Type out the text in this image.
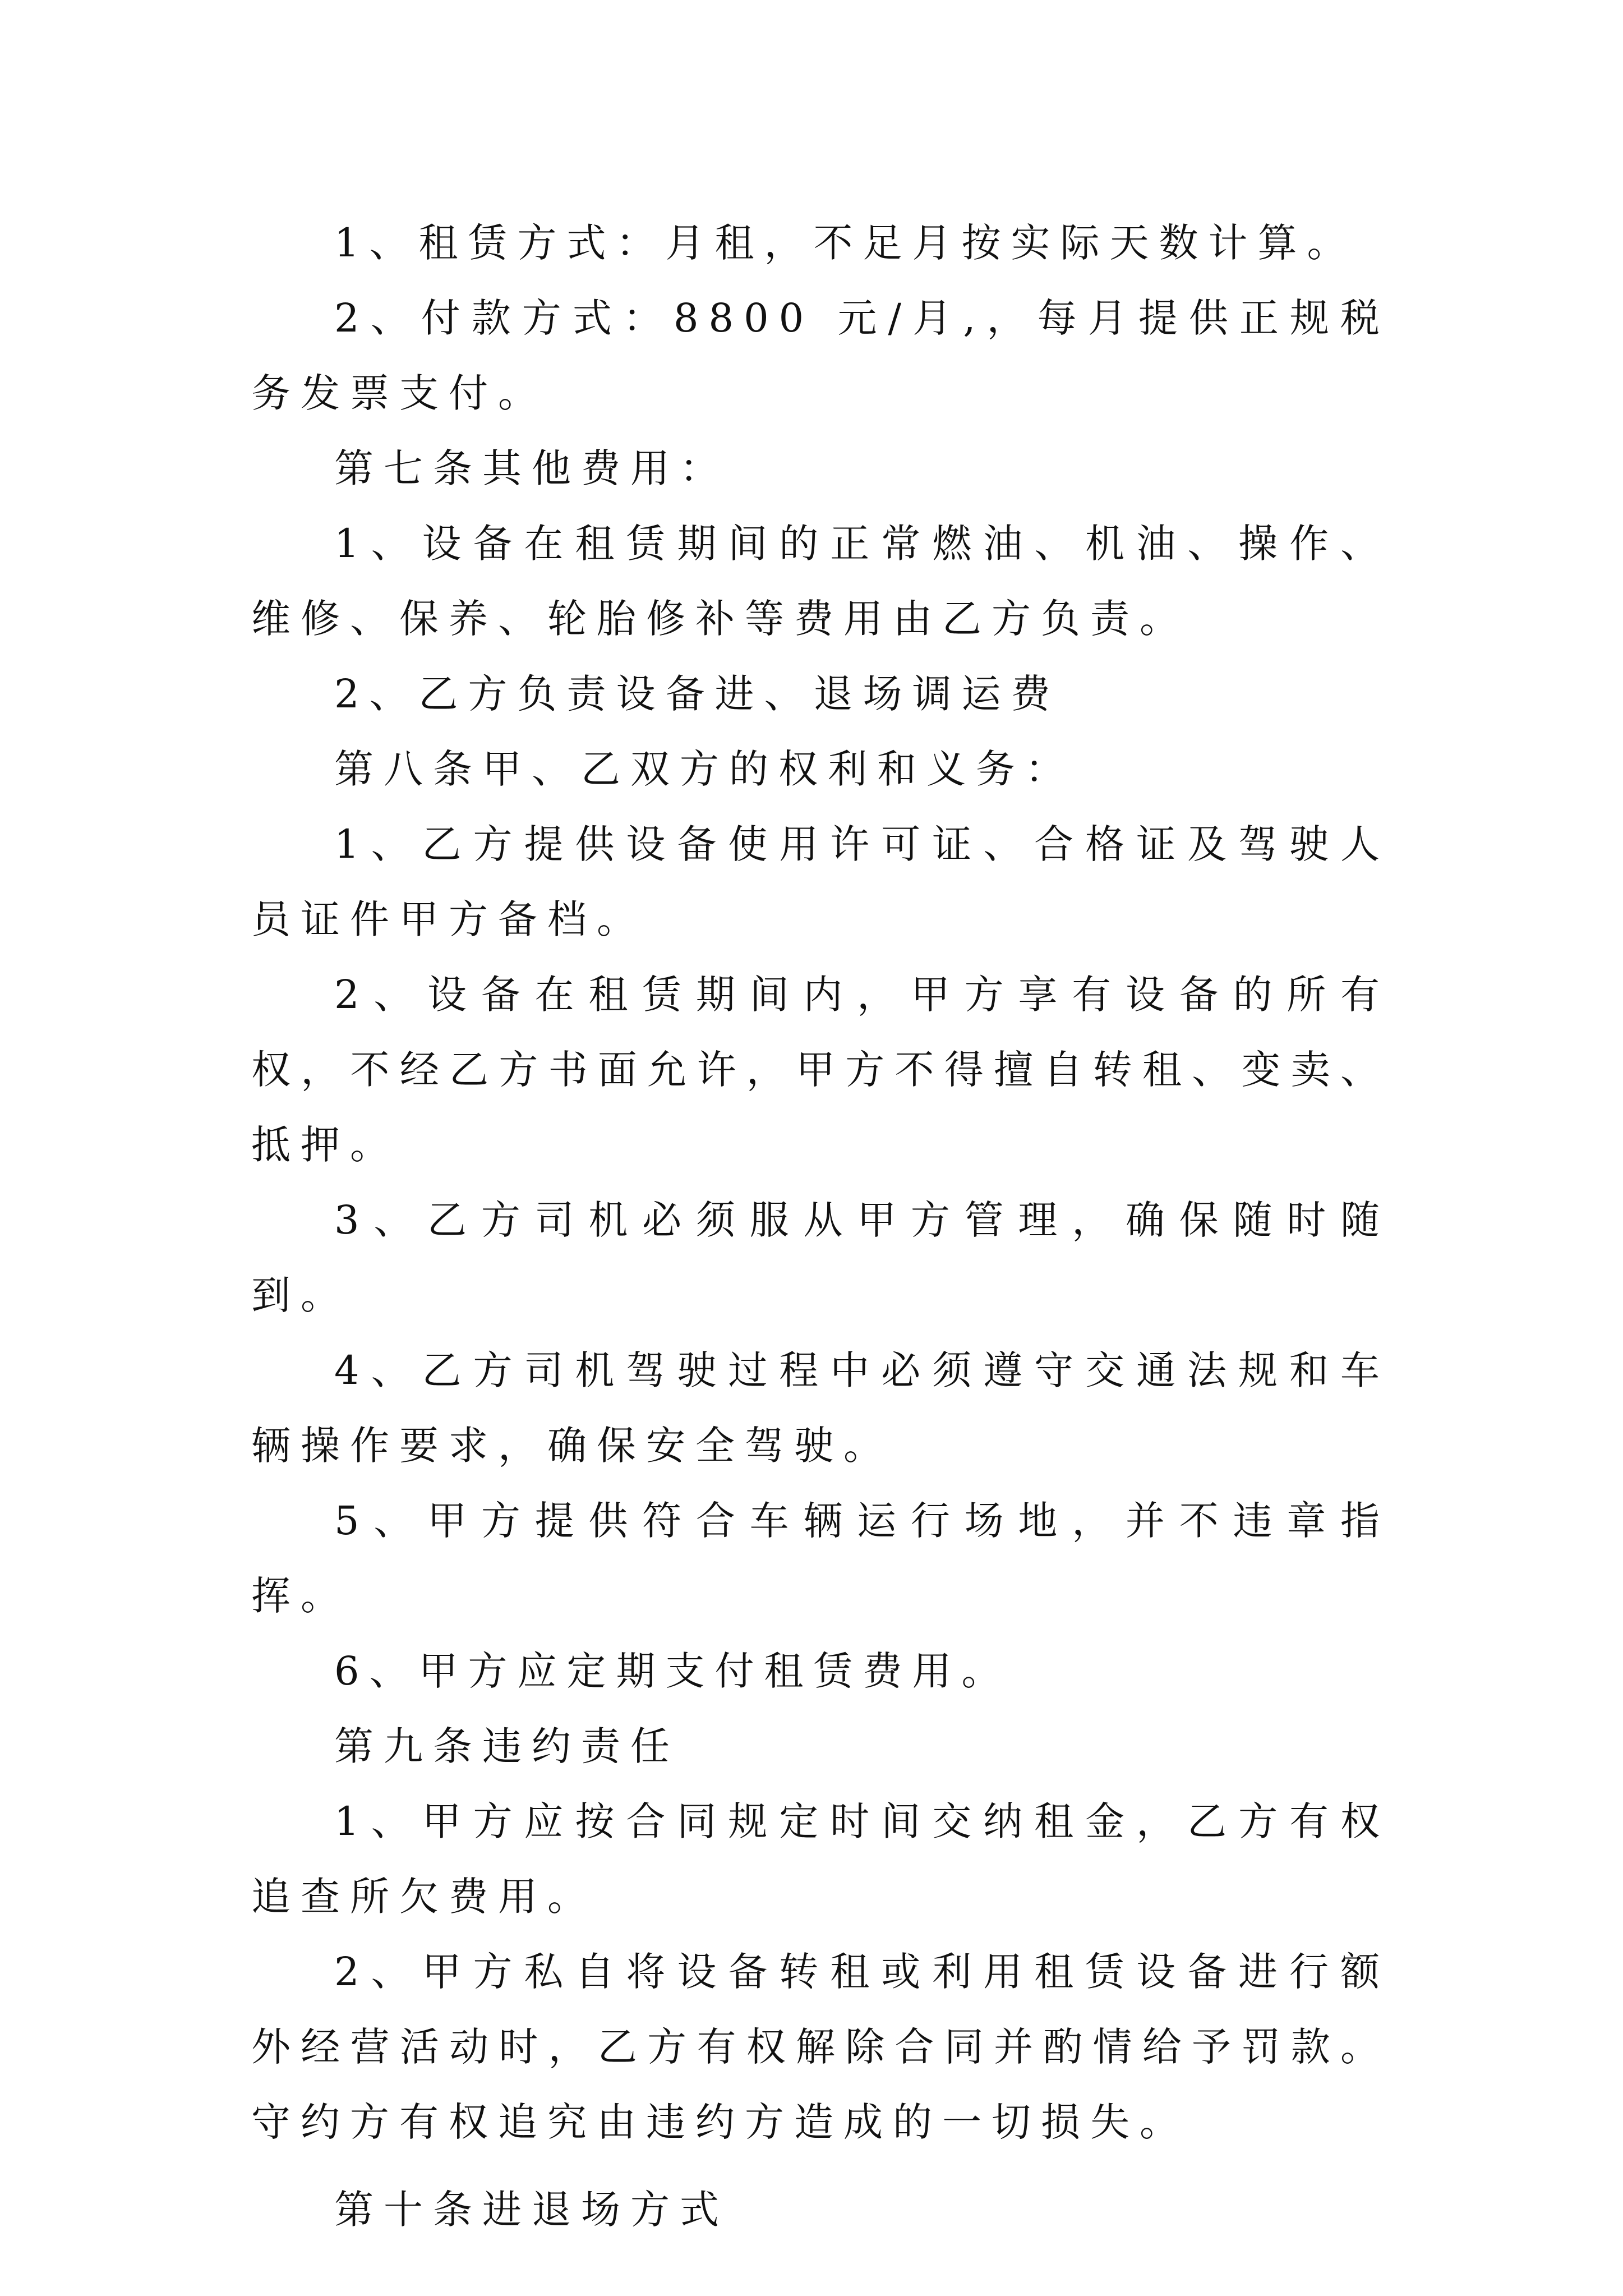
1、租赁方式：月租，不足月按实际天数计算。

2、付款方式：8800 元/月,，每月提供正规税务发票支付。

第七条其他费用：

1、设备在租赁期间的正常燃油、机油、操作、维修、保养、轮胎修补等费用由乙方负责。

2、乙方负责设备进、退场调运费

第八条甲、乙双方的权利和义务：

1、乙方提供设备使用许可证、合格证及驾驶人员证件甲方备档。

2、设备在租赁期间内，甲方享有设备的所有权，不经乙方书面允许，甲方不得擅自转租、变卖、抵押。

3、乙方司机必须服从甲方管理，确保随时随到。

4、乙方司机驾驶过程中必须遵守交通法规和车辆操作要求，确保安全驾驶。

5、甲方提供符合车辆运行场地，并不违章指挥。

6、甲方应定期支付租赁费用。

第九条违约责任

1、甲方应按合同规定时间交纳租金，乙方有权追查所欠费用。

2、甲方私自将设备转租或利用租赁设备进行额外经营活动时，乙方有权解除合同并酌情给予罚款。守约方有权追究由违约方造成的一切损失。

第十条进退场方式
